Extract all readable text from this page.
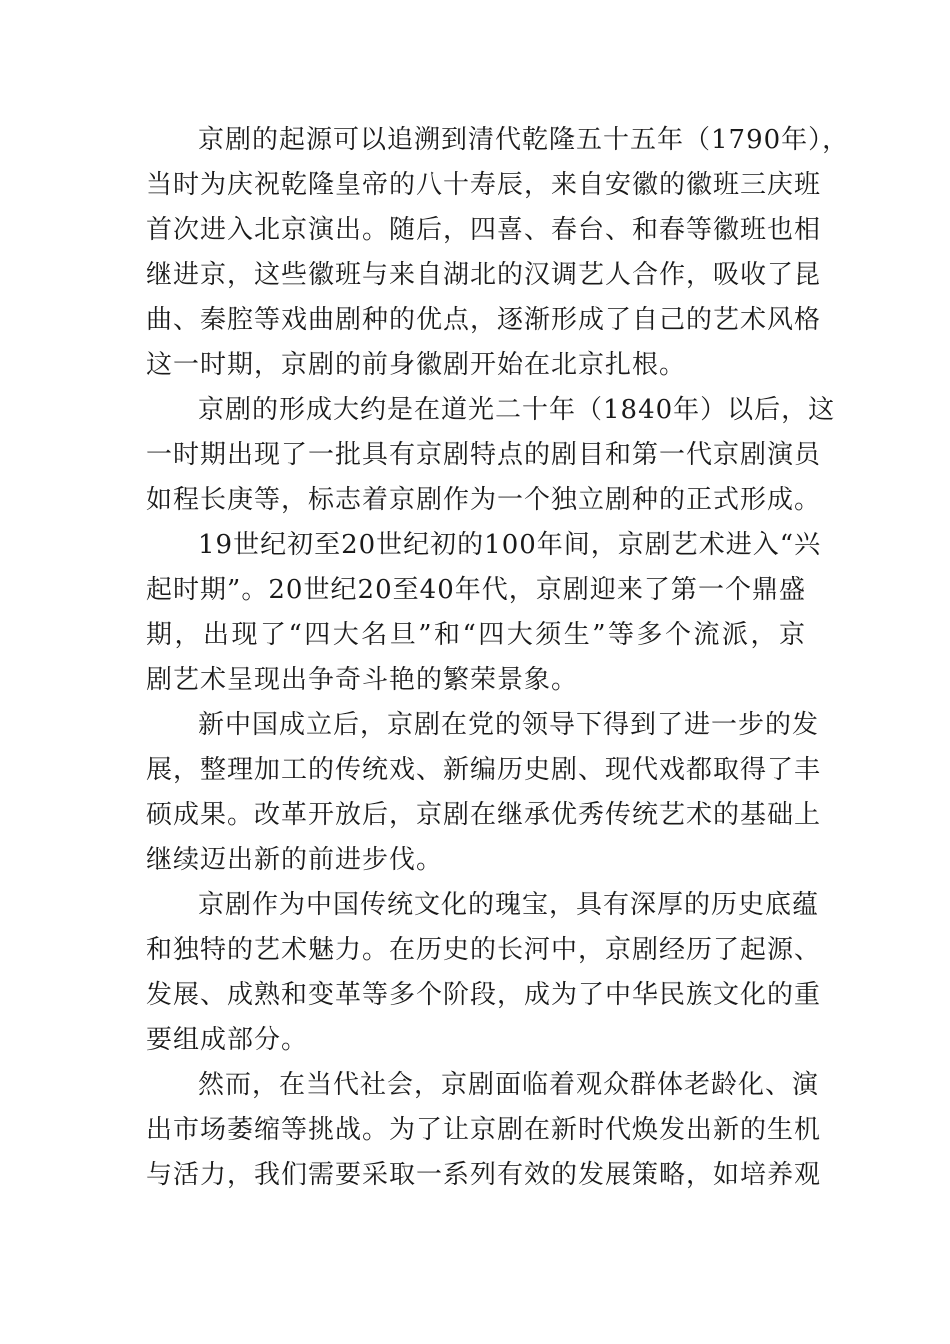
京剧的起源可以追溯到清代乾隆五十五年（1790年），
当时为庆祝乾隆皇帝的八十寿辰，来自安徽的徽班三庆班
首次进入北京演出。随后，四喜、春台、和春等徽班也相
继进京，这些徽班与来自湖北的汉调艺人合作，吸收了昆
曲、秦腔等戏曲剧种的优点，逐渐形成了自己的艺术风格
这一时期，京剧的前身徽剧开始在北京扎根。
京剧的形成大约是在道光二十年（1840年）以后，这
一时期出现了一批具有京剧特点的剧目和第一代京剧演员
如程长庚等，标志着京剧作为一个独立剧种的正式形成。
19世纪初至20世纪初的100年间，京剧艺术进入“兴
起时期”。20世纪20至40年代，京剧迎来了第一个鼎盛
期，出现了“四大名旦”和“四大须生”等多个流派，京
剧艺术呈现出争奇斗艳的繁荣景象。
新中国成立后，京剧在党的领导下得到了进一步的发
展，整理加工的传统戏、新编历史剧、现代戏都取得了丰
硕成果。改革开放后，京剧在继承优秀传统艺术的基础上
继续迈出新的前进步伐。
京剧作为中国传统文化的瑰宝，具有深厚的历史底蕴
和独特的艺术魅力。在历史的长河中，京剧经历了起源、
发展、成熟和变革等多个阶段，成为了中华民族文化的重
要组成部分。
然而，在当代社会，京剧面临着观众群体老龄化、演
出市场萎缩等挑战。为了让京剧在新时代焕发出新的生机
与活力，我们需要采取一系列有效的发展策略，如培养观
